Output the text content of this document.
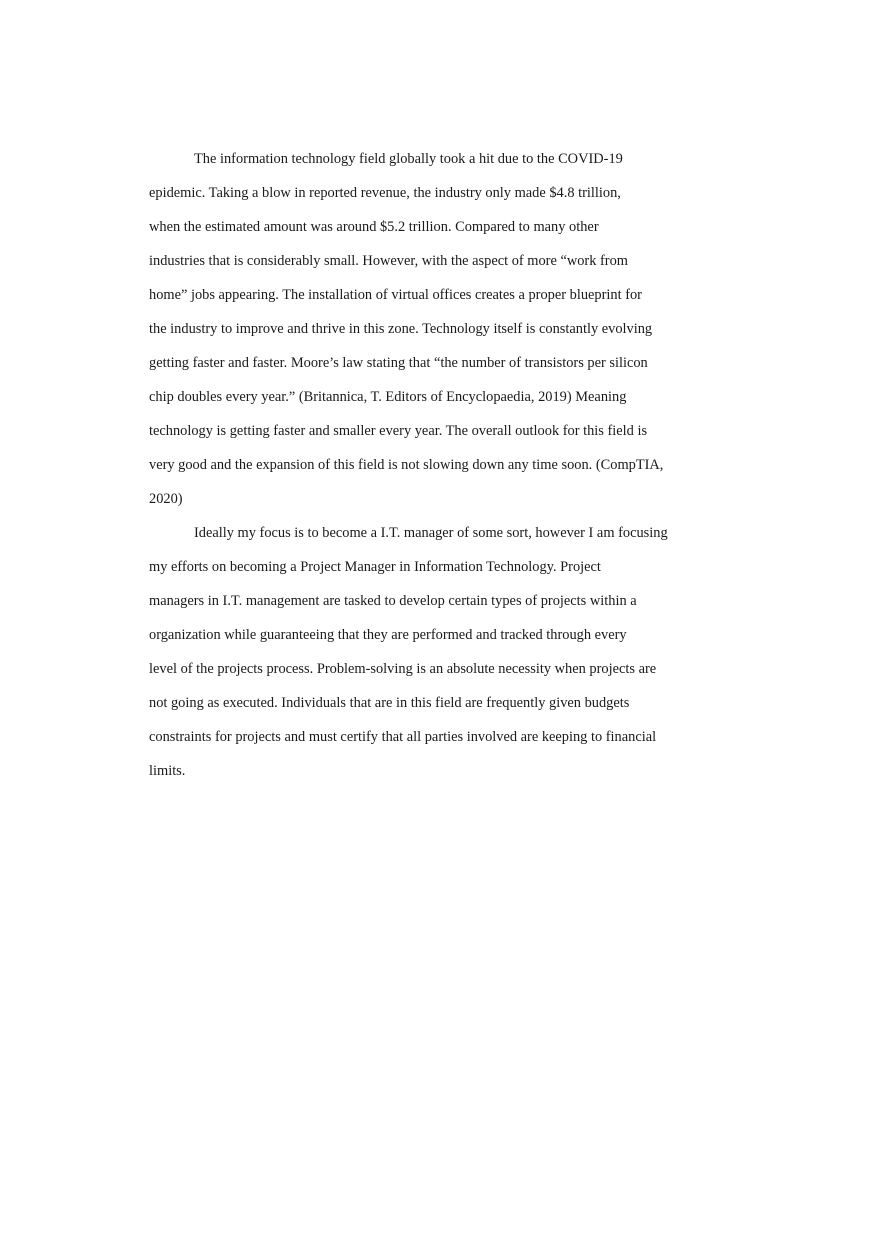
The information technology field globally took a hit due to the COVID-19
epidemic. Taking a blow in reported revenue, the industry only made $4.8 trillion,
when the estimated amount was around $5.2 trillion. Compared to many other
industries that is considerably small. However, with the aspect of more “work from
home” jobs appearing. The installation of virtual offices creates a proper blueprint for
the industry to improve and thrive in this zone. Technology itself is constantly evolving
getting faster and faster. Moore’s law stating that “the number of transistors per silicon
chip doubles every year.” (Britannica, T. Editors of Encyclopaedia, 2019) Meaning
technology is getting faster and smaller every year. The overall outlook for this field is
very good and the expansion of this field is not slowing down any time soon. (CompTIA,
2020)
Ideally my focus is to become a I.T. manager of some sort, however I am focusing
my efforts on becoming a Project Manager in Information Technology. Project
managers in I.T. management are tasked to develop certain types of projects within a
organization while guaranteeing that they are performed and tracked through every
level of the projects process. Problem-solving is an absolute necessity when projects are
not going as executed. Individuals that are in this field are frequently given budgets
constraints for projects and must certify that all parties involved are keeping to financial
limits.
